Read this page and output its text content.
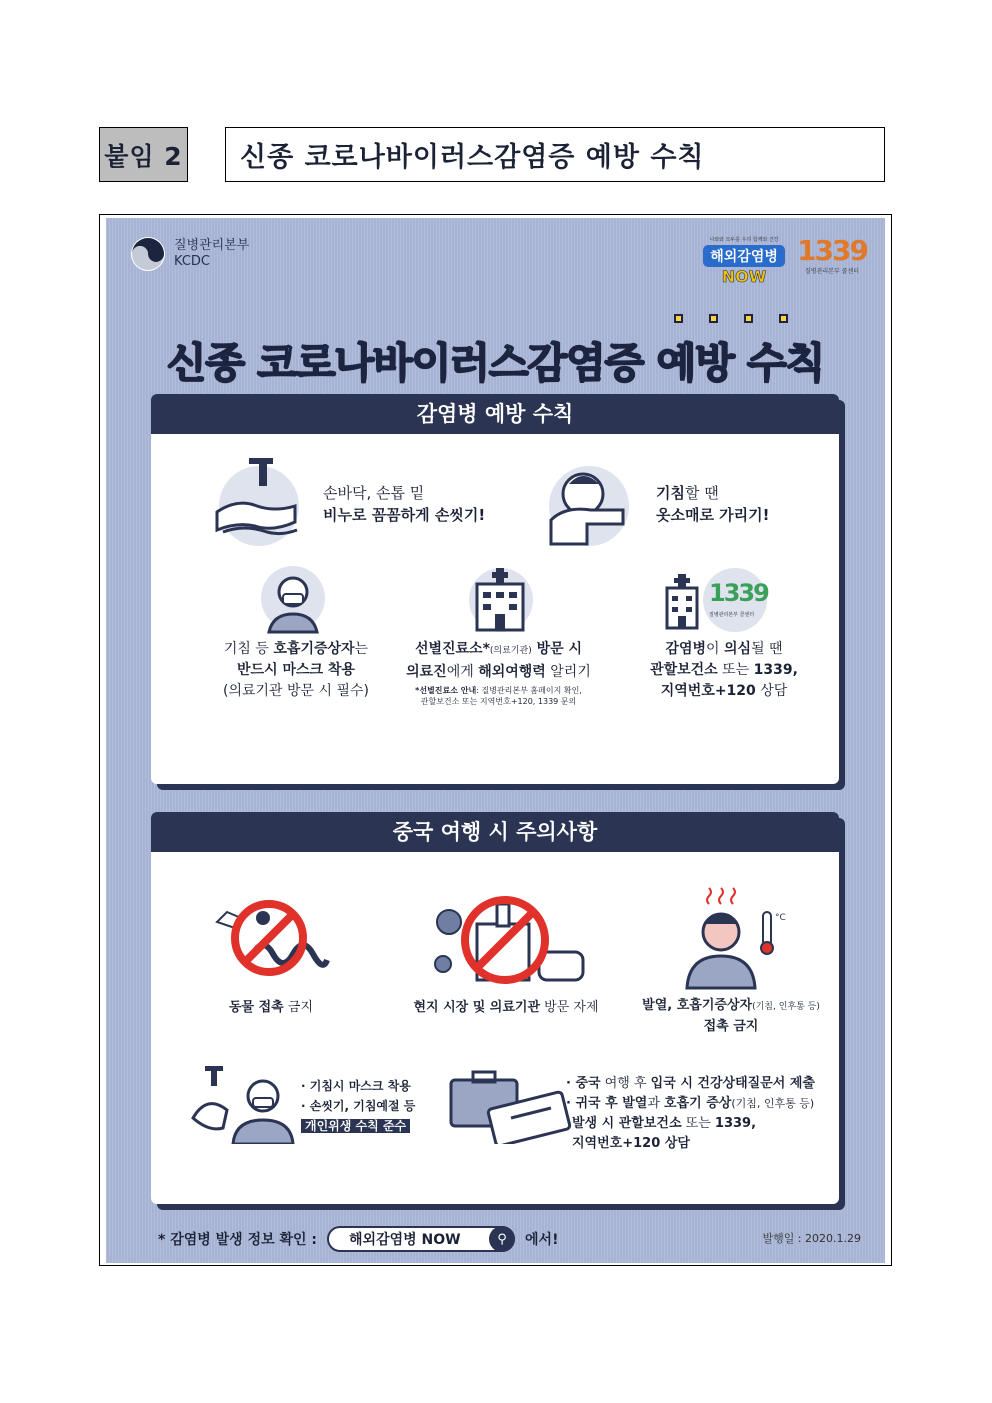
붙임 2	신종 코로나바이러스감염증 예방 수칙
질병관리본부
KCDC
나와와 모두를 우리 함께와 건강
해외감염병
NOW
1339
질병관리본부 콜센터
신종 코로나바이러스감염증 예방 수칙
감염병 예방 수칙
손바닥, 손톱 밑
비누로 꼼꼼하게 손씻기!
기침할 땐
옷소매로 가리기!
기침 등 호흡기증상자는
반드시 마스크 착용
(의료기관 방문 시 필수)
선별진료소*(의료기관) 방문 시
의료진에게 해외여행력 알리기
*선별진료소 안내: 질병관리본부 홈페이지 확인,
관할보건소 또는 지역번호+120, 1339 문의
1339
질병관리본부 콜센터
감염병이 의심될 땐
관할보건소 또는 1339,
지역번호+120 상담
중국 여행 시 주의사항
동물 접촉 금지	현지 시장 및 의료기관 방문 자제
°C
발열, 호흡기증상자(기침, 인후통 등)
접촉 금지
· 기침시 마스크 착용
· 손씻기, 기침예절 등
개인위생 수칙 준수
· 중국 여행 후 입국 시 건강상태질문서 제출
· 귀국 후 발열과 호흡기 증상(기침, 인후통 등)
발생 시 관할보건소 또는 1339,
지역번호+120 상담
* 감염병 발생 정보 확인 : 해외감염병 NOW	⚲	에서!	발행일 : 2020.1.29
